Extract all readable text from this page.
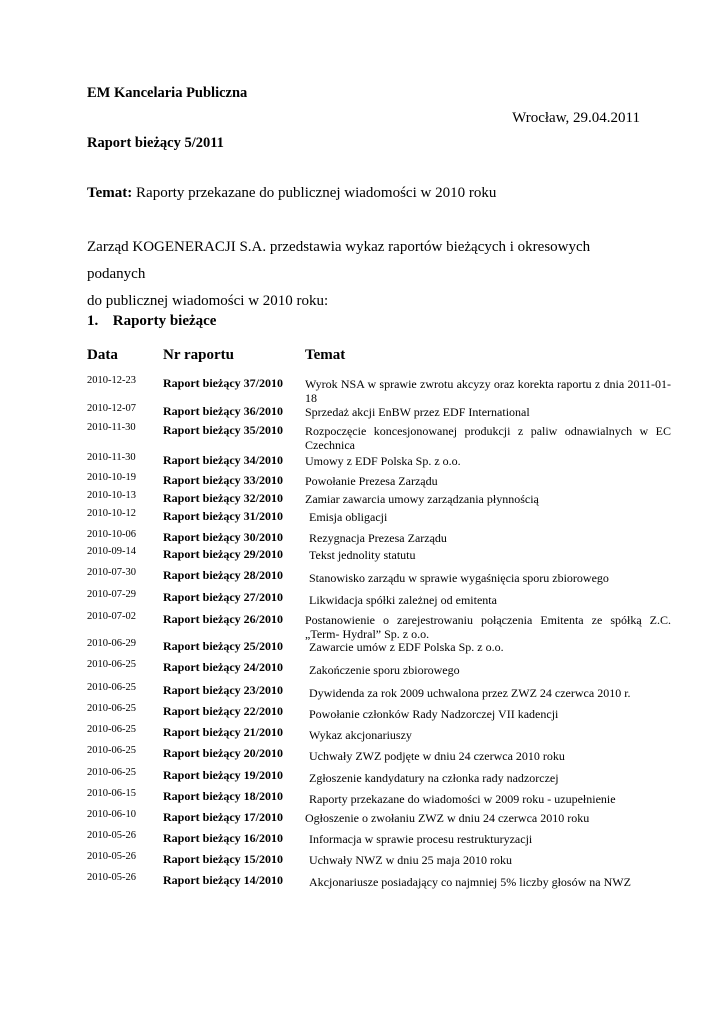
EM Kancelaria Publiczna
Wrocław, 29.04.2011
Raport bieżący 5/2011
Temat: Raporty przekazane do publicznej wiadomości w 2010 roku
Zarząd KOGENERACJI S.A. przedstawia wykaz raportów bieżących i okresowych podanych
do publicznej wiadomości w 2010 roku:
1. Raporty bieżące
Data	Nr raportu	Temat
2010-12-23 Raport bieżący 37/2010 Wyrok NSA w sprawie zwrotu akcyzy oraz korekta raportu z dnia 2011-01-18
2010-12-07 Raport bieżący 36/2010 Sprzedaż akcji EnBW przez EDF International
2010-11-30 Raport bieżący 35/2010 Rozpoczęcie koncesjonowanej produkcji z paliw odnawialnych w EC Czechnica
2010-11-30 Raport bieżący 34/2010 Umowy z EDF Polska Sp. z o.o.
2010-10-19 Raport bieżący 33/2010 Powołanie Prezesa Zarządu
2010-10-13 Raport bieżący 32/2010 Zamiar zawarcia umowy zarządzania płynnością
2010-10-12 Raport bieżący 31/2010 Emisja obligacji
2010-10-06 Raport bieżący 30/2010 Rezygnacja Prezesa Zarządu
2010-09-14 Raport bieżący 29/2010 Tekst jednolity statutu
2010-07-30 Raport bieżący 28/2010 Stanowisko zarządu w sprawie wygaśnięcia sporu zbiorowego
2010-07-29 Raport bieżący 27/2010 Likwidacja spółki zależnej od emitenta
2010-07-02 Raport bieżący 26/2010 Postanowienie o zarejestrowaniu połączenia Emitenta ze spółką Z.C. „Term- Hydral” Sp. z o.o.
2010-06-29 Raport bieżący 25/2010 Zawarcie umów z EDF Polska Sp. z o.o.
2010-06-25 Raport bieżący 24/2010 Zakończenie sporu zbiorowego
2010-06-25 Raport bieżący 23/2010 Dywidenda za rok 2009 uchwalona przez ZWZ 24 czerwca 2010 r.
2010-06-25 Raport bieżący 22/2010 Powołanie członków Rady Nadzorczej VII kadencji
2010-06-25 Raport bieżący 21/2010 Wykaz akcjonariuszy
2010-06-25 Raport bieżący 20/2010 Uchwały ZWZ podjęte w dniu 24 czerwca 2010 roku
2010-06-25 Raport bieżący 19/2010 Zgłoszenie kandydatury na członka rady nadzorczej
2010-06-15 Raport bieżący 18/2010 Raporty przekazane do wiadomości w 2009 roku - uzupełnienie
2010-06-10 Raport bieżący 17/2010 Ogłoszenie o zwołaniu ZWZ w dniu 24 czerwca 2010 roku
2010-05-26 Raport bieżący 16/2010 Informacja w sprawie procesu restrukturyzacji
2010-05-26 Raport bieżący 15/2010 Uchwały NWZ w dniu 25 maja 2010 roku
2010-05-26 Raport bieżący 14/2010 Akcjonariusze posiadający co najmniej 5% liczby głosów na NWZ
